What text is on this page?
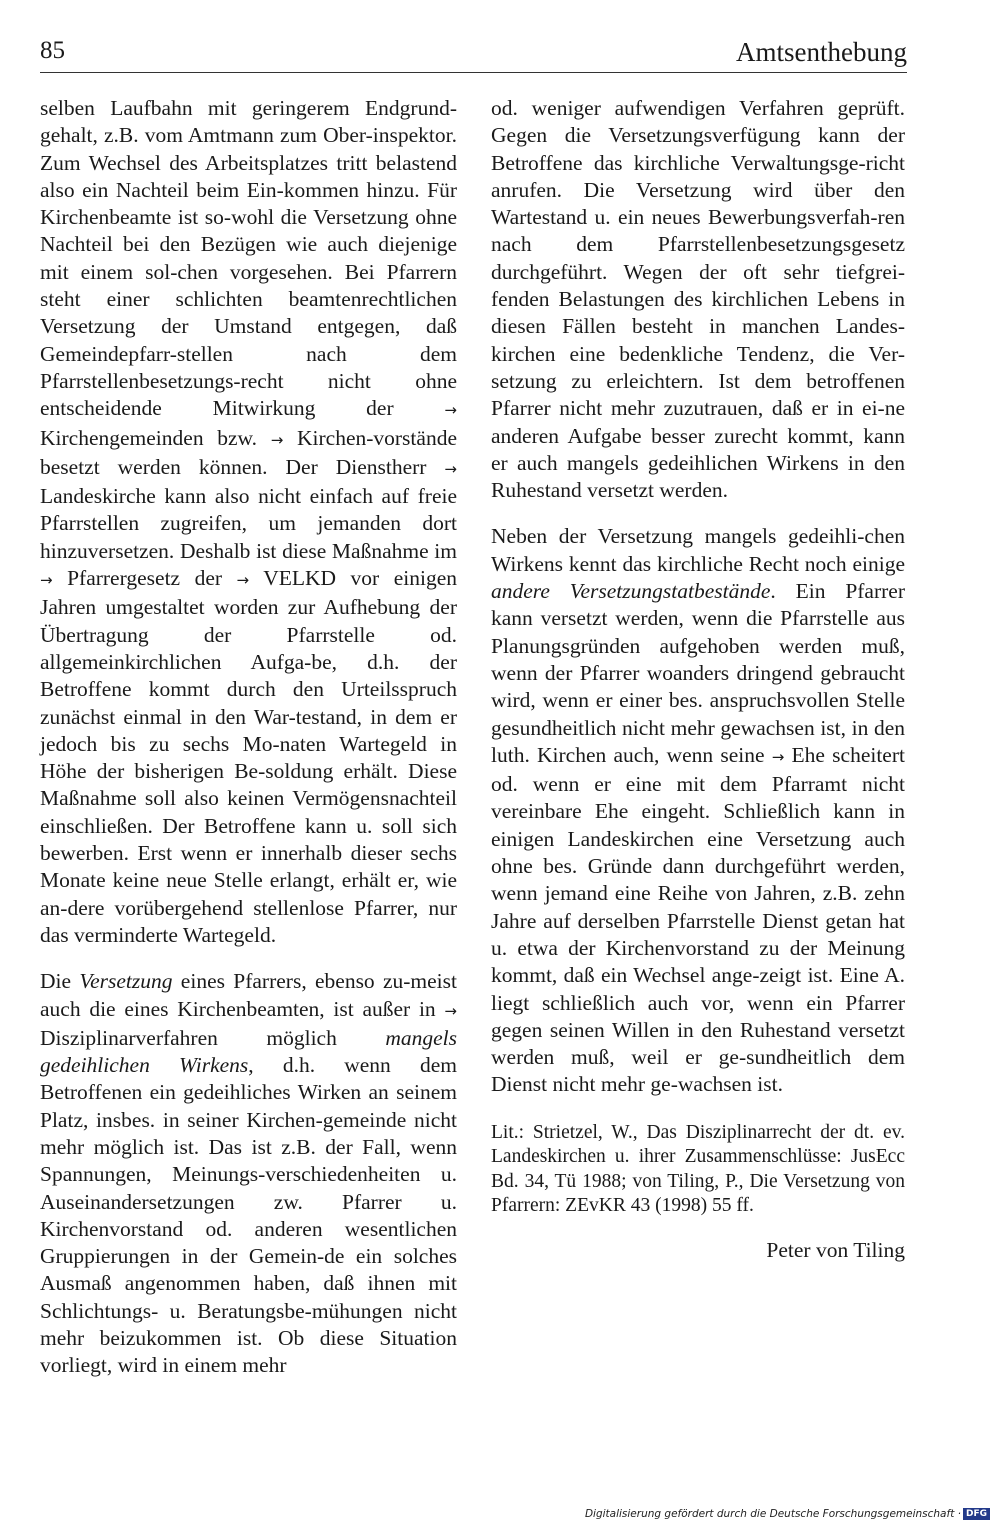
85	Amtsenthebung

selben Laufbahn mit geringerem Endgrund-gehalt, z.B. vom Amtmann zum Ober-inspektor. Zum Wechsel des Arbeitsplatzes tritt belastend also ein Nachteil beim Ein-kommen hinzu. Für Kirchenbeamte ist so-wohl die Versetzung ohne Nachteil bei den Bezügen wie auch diejenige mit einem sol-chen vorgesehen. Bei Pfarrern steht einer schlichten beamtenrechtlichen Versetzung der Umstand entgegen, daß Gemeindepfarr-stellen nach dem Pfarrstellenbesetzungs-recht nicht ohne entscheidende Mitwirkung der → Kirchengemeinden bzw. → Kirchen-vorstände besetzt werden können. Der Dienstherr → Landeskirche kann also nicht einfach auf freie Pfarrstellen zugreifen, um jemanden dort hinzuversetzen. Deshalb ist diese Maßnahme im → Pfarrergesetz der → VELKD vor einigen Jahren umgestaltet worden zur Aufhebung der Übertragung der Pfarrstelle od. allgemeinkirchlichen Aufga-be, d.h. der Betroffene kommt durch den Urteilsspruch zunächst einmal in den War-testand, in dem er jedoch bis zu sechs Mo-naten Wartegeld in Höhe der bisherigen Be-soldung erhält. Diese Maßnahme soll also keinen Vermögensnachteil einschließen. Der Betroffene kann u. soll sich bewerben. Erst wenn er innerhalb dieser sechs Monate keine neue Stelle erlangt, erhält er, wie an-dere vorübergehend stellenlose Pfarrer, nur das verminderte Wartegeld.

Die Versetzung eines Pfarrers, ebenso zu-meist auch die eines Kirchenbeamten, ist außer in → Disziplinarverfahren möglich mangels gedeihlichen Wirkens, d.h. wenn dem Betroffenen ein gedeihliches Wirken an seinem Platz, insbes. in seiner Kirchen-gemeinde nicht mehr möglich ist. Das ist z.B. der Fall, wenn Spannungen, Meinungs-verschiedenheiten u. Auseinandersetzungen zw. Pfarrer u. Kirchenvorstand od. anderen wesentlichen Gruppierungen in der Gemein-de ein solches Ausmaß angenommen haben, daß ihnen mit Schlichtungs- u. Beratungsbe-mühungen nicht mehr beizukommen ist. Ob diese Situation vorliegt, wird in einem mehr

od. weniger aufwendigen Verfahren geprüft. Gegen die Versetzungsverfügung kann der Betroffene das kirchliche Verwaltungsge-richt anrufen. Die Versetzung wird über den Wartestand u. ein neues Bewerbungsverfah-ren nach dem Pfarrstellenbesetzungsgesetz durchgeführt. Wegen der oft sehr tiefgrei-fenden Belastungen des kirchlichen Lebens in diesen Fällen besteht in manchen Landes-kirchen eine bedenkliche Tendenz, die Ver-setzung zu erleichtern. Ist dem betroffenen Pfarrer nicht mehr zuzutrauen, daß er in ei-ne anderen Aufgabe besser zurecht kommt, kann er auch mangels gedeihlichen Wirkens in den Ruhestand versetzt werden.

Neben der Versetzung mangels gedeihli-chen Wirkens kennt das kirchliche Recht noch einige andere Versetzungstatbestände. Ein Pfarrer kann versetzt werden, wenn die Pfarrstelle aus Planungsgründen aufgehoben werden muß, wenn der Pfarrer woanders dringend gebraucht wird, wenn er einer bes. anspruchsvollen Stelle gesundheitlich nicht mehr gewachsen ist, in den luth. Kirchen auch, wenn seine → Ehe scheitert od. wenn er eine mit dem Pfarramt nicht vereinbare Ehe eingeht. Schließlich kann in einigen Landeskirchen eine Versetzung auch ohne bes. Gründe dann durchgeführt werden, wenn jemand eine Reihe von Jahren, z.B. zehn Jahre auf derselben Pfarrstelle Dienst getan hat u. etwa der Kirchenvorstand zu der Meinung kommt, daß ein Wechsel ange-zeigt ist. Eine A. liegt schließlich auch vor, wenn ein Pfarrer gegen seinen Willen in den Ruhestand versetzt werden muß, weil er ge-sundheitlich dem Dienst nicht mehr ge-wachsen ist.

Lit.: Strietzel, W., Das Disziplinarrecht der dt. ev. Landeskirchen u. ihrer Zusammenschlüsse: JusEcc Bd. 34, Tü 1988; von Tiling, P., Die Versetzung von Pfarrern: ZEvKR 43 (1998) 55 ff.

Peter von Tiling

Digitalisierung gefördert durch die Deutsche Forschungsgemeinschaft · DFG
